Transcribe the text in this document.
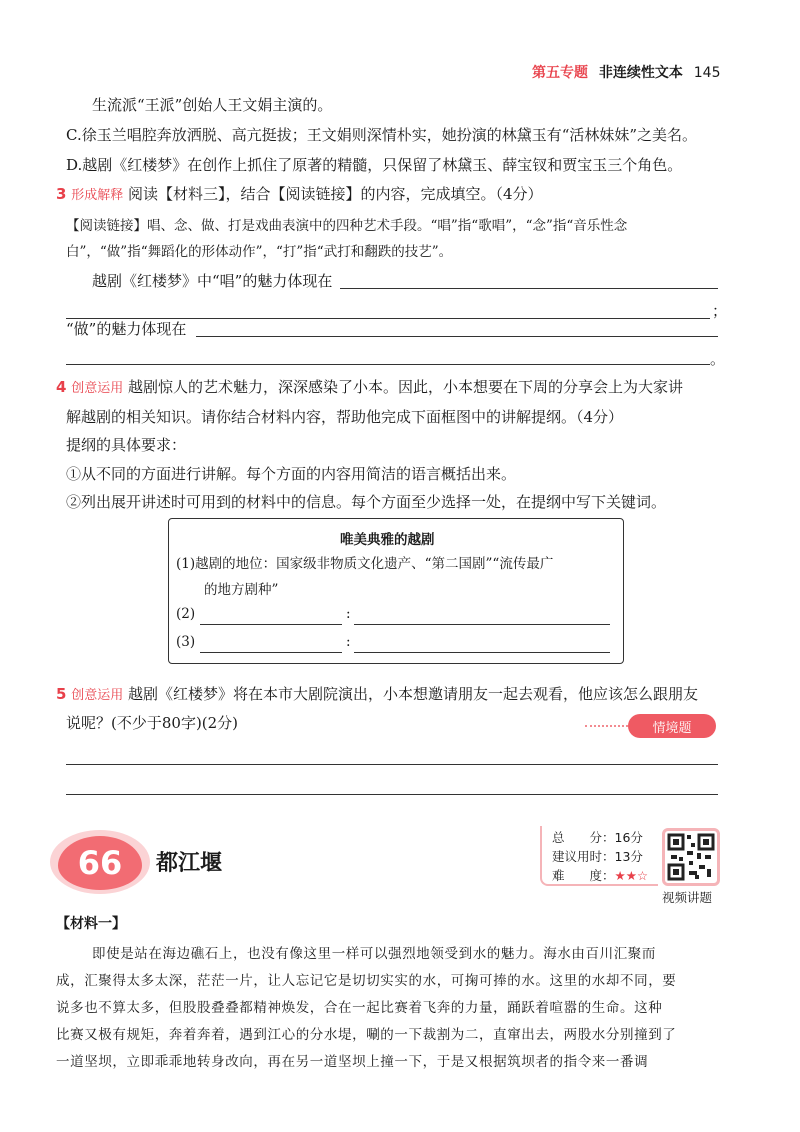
第五专题 非连续性文本 145
生流派“王派”创始人王文娟主演的。
C.徐玉兰唱腔奔放洒脱、高亢挺拔；王文娟则深情朴实，她扮演的林黛玉有“活林妹妹”之美名。
D.越剧《红楼梦》在创作上抓住了原著的精髓，只保留了林黛玉、薛宝钗和贾宝玉三个角色。
3 形成解释 阅读【材料三】，结合【阅读链接】的内容，完成填空。（4分）
【阅读链接】唱、念、做、打是戏曲表演中的四种艺术手段。“唱”指“歌唱”，“念”指“音乐性念
白”，“做”指“舞蹈化的形体动作”，“打”指“武打和翻跌的技艺”。
越剧《红楼梦》中“唱”的魅力体现在
；
“做”的魅力体现在
。
4 创意运用 越剧惊人的艺术魅力，深深感染了小本。因此，小本想要在下周的分享会上为大家讲
解越剧的相关知识。请你结合材料内容，帮助他完成下面框图中的讲解提纲。（4分）
提纲的具体要求：
①从不同的方面进行讲解。每个方面的内容用简洁的语言概括出来。
②列出展开讲述时可用到的材料中的信息。每个方面至少选择一处，在提纲中写下关键词。
唯美典雅的越剧
(1)越剧的地位：国家级非物质文化遗产、“第二国剧”“流传最广
的地方剧种”
(2)	:
(3)	:
5 创意运用 越剧《红楼梦》将在本市大剧院演出，小本想邀请朋友一起去观看，他应该怎么跟朋友
说呢？(不少于80字)(2分)	情境题
66	都江堰
总　　分：16分
建议用时：13分
难　　度：★★☆
视频讲题
【材料一】
即使是站在海边礁石上，也没有像这里一样可以强烈地领受到水的魅力。海水由百川汇聚而
成，汇聚得太多太深，茫茫一片，让人忘记它是切切实实的水，可掬可捧的水。这里的水却不同，要
说多也不算太多，但股股叠叠都精神焕发，合在一起比赛着飞奔的力量，踊跃着喧嚣的生命。这种
比赛又极有规矩，奔着奔着，遇到江心的分水堤，唰的一下裁割为二，直窜出去，两股水分别撞到了
一道坚坝，立即乖乖地转身改向，再在另一道坚坝上撞一下，于是又根据筑坝者的指令来一番调
